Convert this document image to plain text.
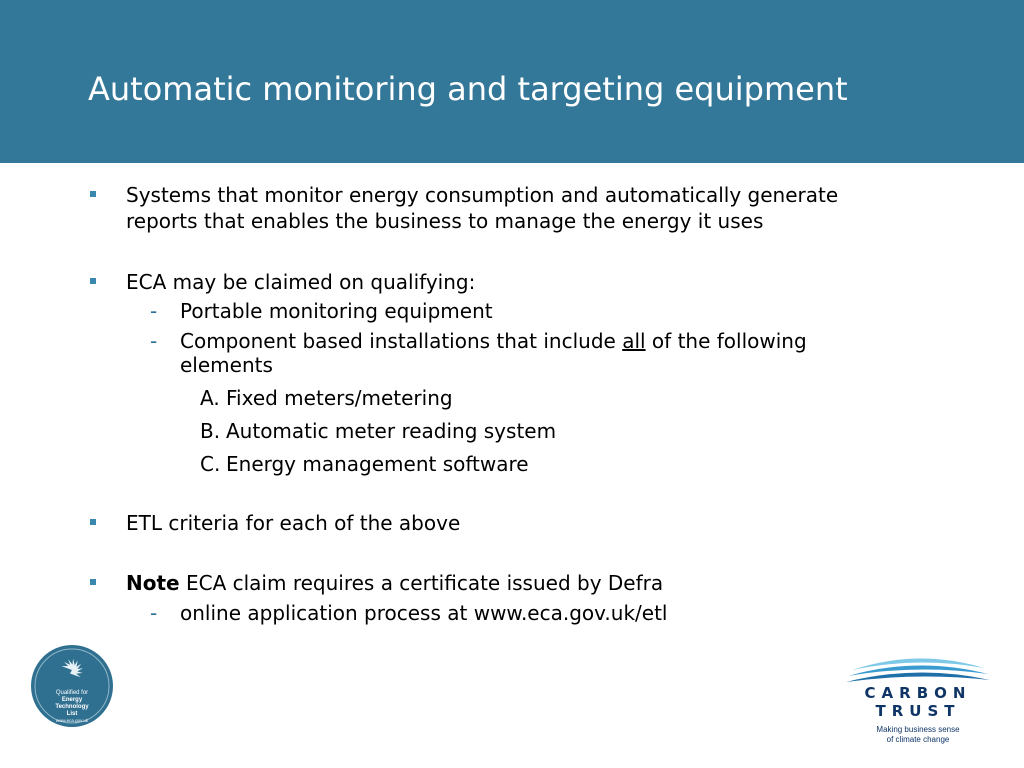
Automatic monitoring and targeting equipment
Systems that monitor energy consumption and automatically generate
reports that enables the business to manage the energy it uses
ECA may be claimed on qualifying:
- Portable monitoring equipment
- Component based installations that include all of the following
elements
A. Fixed meters/metering
B. Automatic meter reading system
C. Energy management software
ETL criteria for each of the above
Note ECA claim requires a certificate issued by Defra
- online application process at www.eca.gov.uk/etl
Qualified for
Energy
Technology
List
www.eca.gov.uk
CARBON
TRUST
Making business sense
of climate change
